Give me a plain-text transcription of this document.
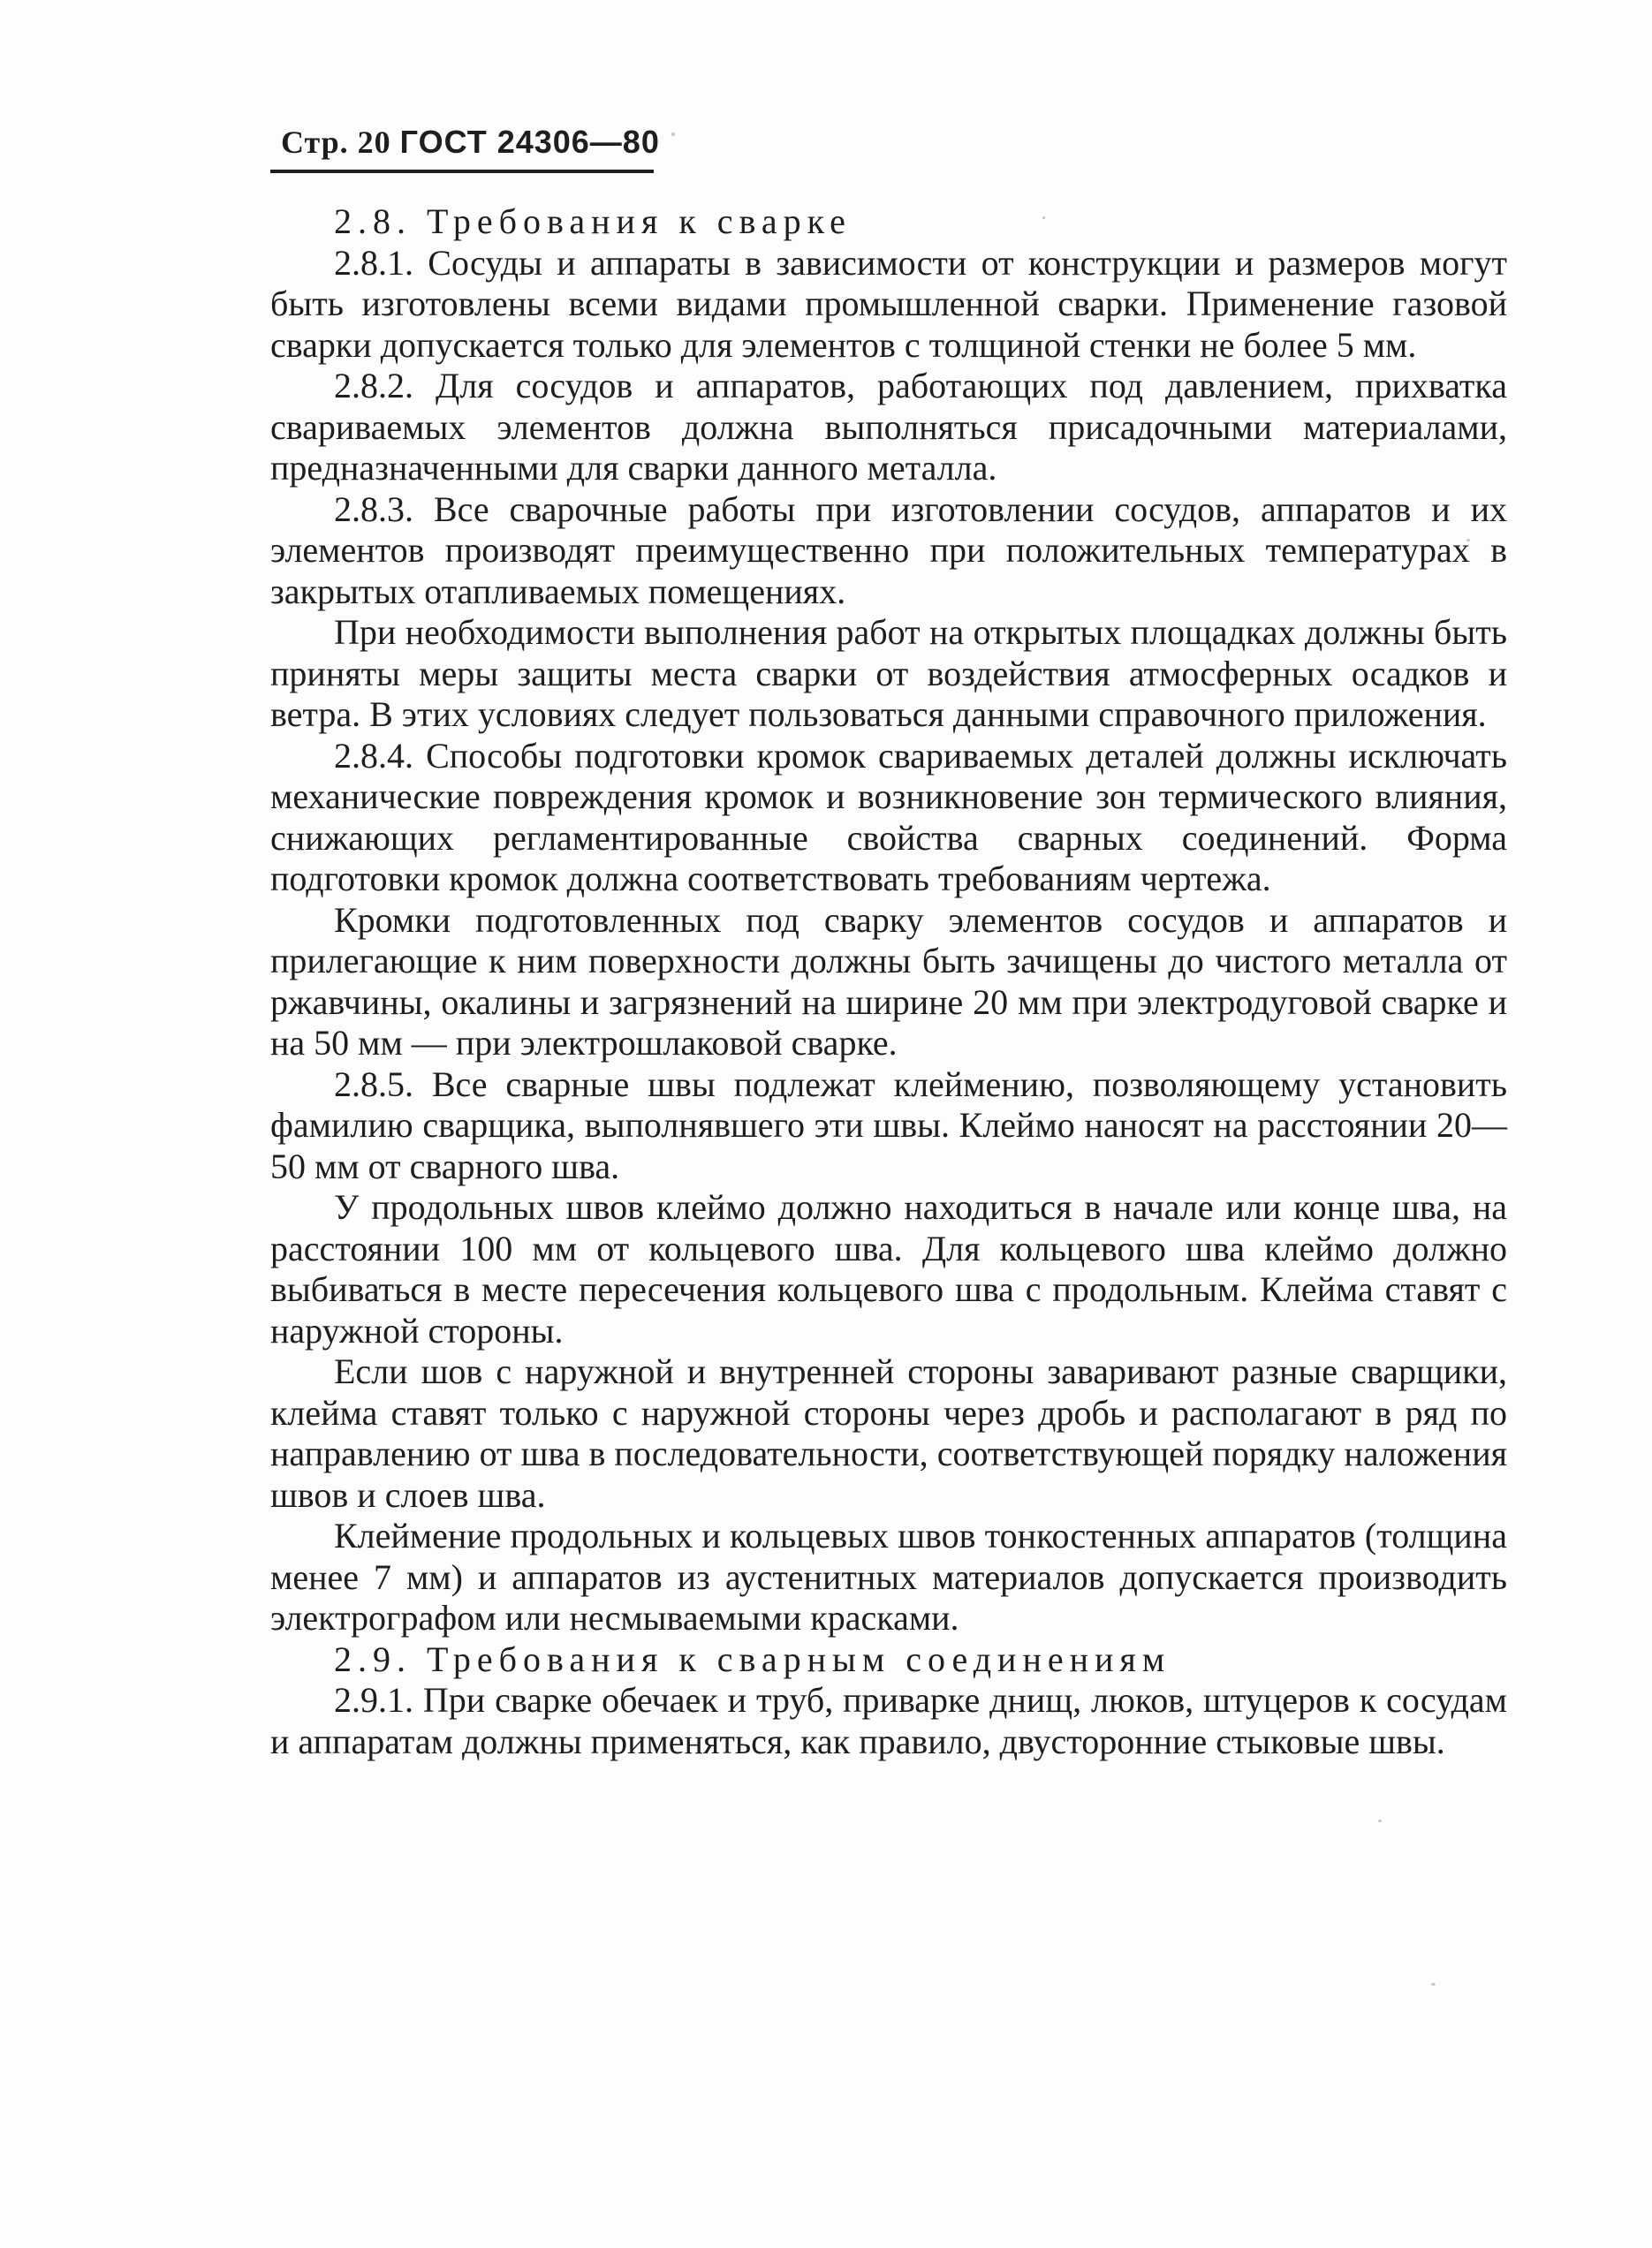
Стр. 20 ГОСТ 24306—80

2.8. Требования к сварке

2.8.1. Сосуды и аппараты в зависимости от конструкции и размеров могут быть изготовлены всеми видами промышленной сварки. Применение газовой сварки допускается только для элементов с толщиной стенки не более 5 мм.

2.8.2. Для сосудов и аппаратов, работающих под давлением, прихватка свариваемых элементов должна выполняться присадочными материалами, предназначенными для сварки данного металла.

2.8.3. Все сварочные работы при изготовлении сосудов, аппаратов и их элементов производят преимущественно при положительных температурах в закрытых отапливаемых помещениях.

При необходимости выполнения работ на открытых площадках должны быть приняты меры защиты места сварки от воздействия атмосферных осадков и ветра. В этих условиях следует пользоваться данными справочного приложения.

2.8.4. Способы подготовки кромок свариваемых деталей должны исключать механические повреждения кромок и возникновение зон термического влияния, снижающих регламентированные свойства сварных соединений. Форма подготовки кромок должна соответствовать требованиям чертежа.

Кромки подготовленных под сварку элементов сосудов и аппаратов и прилегающие к ним поверхности должны быть зачищены до чистого металла от ржавчины, окалины и загрязнений на ширине 20 мм при электродуговой сварке и на 50 мм — при электрошлаковой сварке.

2.8.5. Все сварные швы подлежат клеймению, позволяющему установить фамилию сварщика, выполнявшего эти швы. Клеймо наносят на расстоянии 20—50 мм от сварного шва.

У продольных швов клеймо должно находиться в начале или конце шва, на расстоянии 100 мм от кольцевого шва. Для кольцевого шва клеймо должно выбиваться в месте пересечения кольцевого шва с продольным. Клейма ставят с наружной стороны.

Если шов с наружной и внутренней стороны заваривают разные сварщики, клейма ставят только с наружной стороны через дробь и располагают в ряд по направлению от шва в последовательности, соответствующей порядку наложения швов и слоев шва.

Клеймение продольных и кольцевых швов тонкостенных аппаратов (толщина менее 7 мм) и аппаратов из аустенитных материалов допускается производить электрографом или несмываемыми красками.

2.9. Требования к сварным соединениям

2.9.1. При сварке обечаек и труб, приварке днищ, люков, штуцеров к сосудам и аппаратам должны применяться, как правило, двусторонние стыковые швы.
